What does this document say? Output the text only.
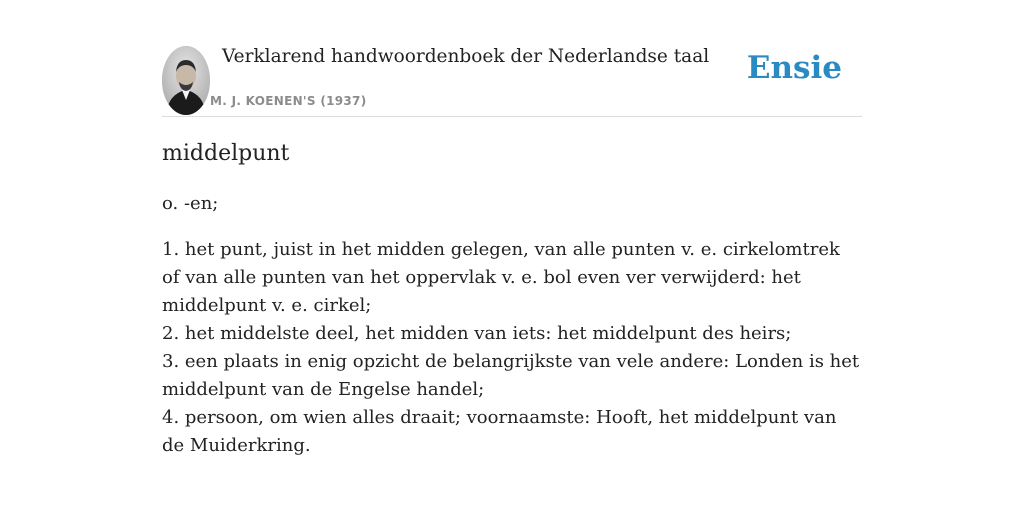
Verklarend handwoordenboek der Nederlandse taal
M. J. KOENEN'S (1937)
Ensie
middelpunt
o. -en;
1. het punt, juist in het midden gelegen, van alle punten v. e. cirkelomtrek of van alle punten van het oppervlak v. e. bol even ver verwijderd: het middelpunt v. e. cirkel;
2. het middelste deel, het midden van iets: het middelpunt des heirs;
3. een plaats in enig opzicht de belangrijkste van vele andere: Londen is het middelpunt van de Engelse handel;
4. persoon, om wien alles draait; voornaamste: Hooft, het middelpunt van de Muiderkring.
